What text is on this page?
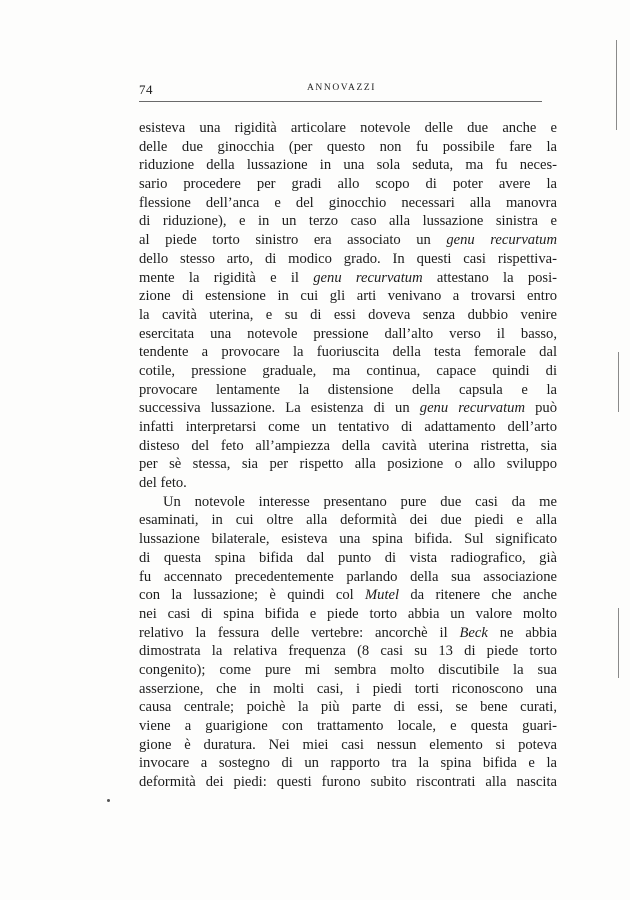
74	ANNOVAZZI
esisteva una rigidità articolare notevole delle due anche e
delle due ginocchia (per questo non fu possibile fare la
riduzione della lussazione in una sola seduta, ma fu neces-
sario procedere per gradi allo scopo di poter avere la
flessione dell’anca e del ginocchio necessari alla manovra
di riduzione), e in un terzo caso alla lussazione sinistra e
al piede torto sinistro era associato un genu recurvatum
dello stesso arto, di modico grado. In questi casi rispettiva-
mente la rigidità e il genu recurvatum attestano la posi-
zione di estensione in cui gli arti venivano a trovarsi entro
la cavità uterina, e su di essi doveva senza dubbio venire
esercitata una notevole pressione dall’alto verso il basso,
tendente a provocare la fuoriuscita della testa femorale dal
cotile, pressione graduale, ma continua, capace quindi di
provocare lentamente la distensione della capsula e la
successiva lussazione. La esistenza di un genu recurvatum può
infatti interpretarsi come un tentativo di adattamento dell’arto
disteso del feto all’ampiezza della cavità uterina ristretta, sia
per sè stessa, sia per rispetto alla posizione o allo sviluppo
del feto.
Un notevole interesse presentano pure due casi da me
esaminati, in cui oltre alla deformità dei due piedi e alla
lussazione bilaterale, esisteva una spina bifida. Sul significato
di questa spina bifida dal punto di vista radiografico, già
fu accennato precedentemente parlando della sua associazione
con la lussazione; è quindi col Mutel da ritenere che anche
nei casi di spina bifida e piede torto abbia un valore molto
relativo la fessura delle vertebre: ancorchè il Beck ne abbia
dimostrata la relativa frequenza (8 casi su 13 di piede torto
congenito); come pure mi sembra molto discutibile la sua
asserzione, che in molti casi, i piedi torti riconoscono una
causa centrale; poichè la più parte di essi, se bene curati,
viene a guarigione con trattamento locale, e questa guari-
gione è duratura. Nei miei casi nessun elemento si poteva
invocare a sostegno di un rapporto tra la spina bifida e la
deformità dei piedi: questi furono subito riscontrati alla nascita
